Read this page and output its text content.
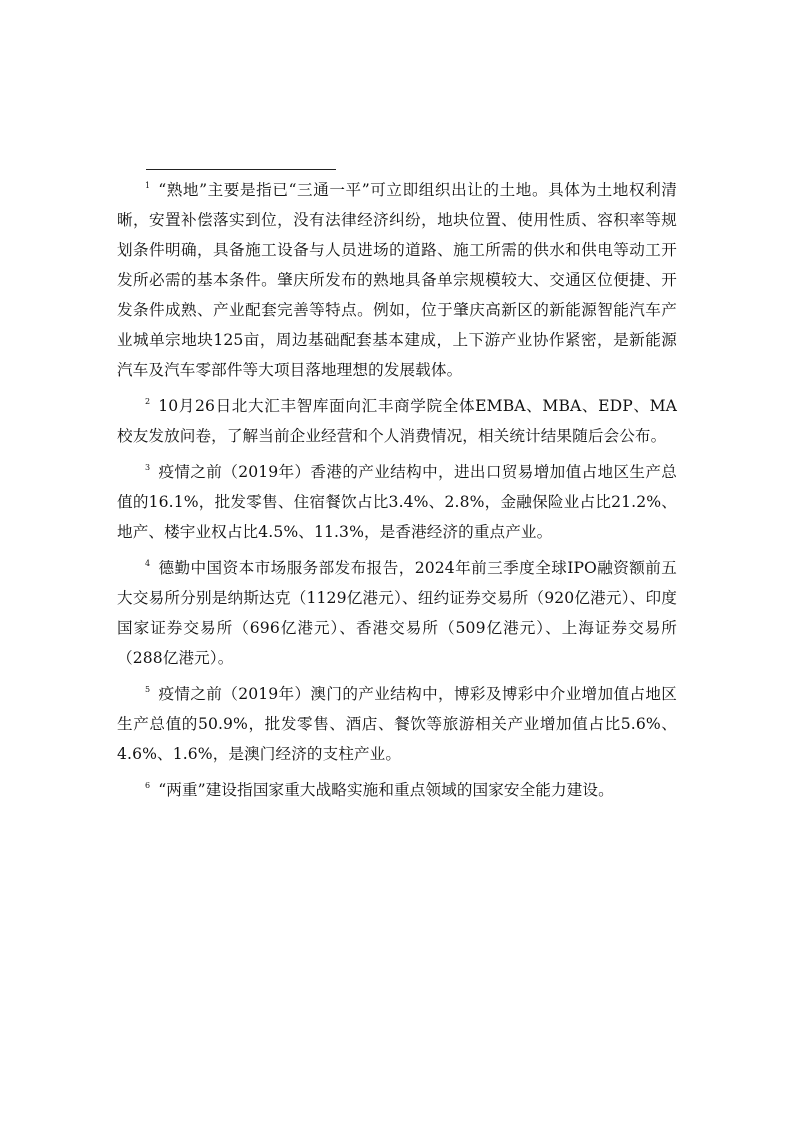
$^1$ “熟地”主要是指已“三通一平”可立即组织出让的土地。具体为土地权利清晰，安置补偿落实到位，没有法律经济纠纷，地块位置、使用性质、容积率等规划条件明确，具备施工设备与人员进场的道路、施工所需的供水和供电等动工开发所必需的基本条件。肇庆所发布的熟地具备单宗规模较大、交通区位便捷、开发条件成熟、产业配套完善等特点。例如，位于肇庆高新区的新能源智能汽车产业城单宗地块125亩，周边基础配套基本建成，上下游产业协作紧密，是新能源汽车及汽车零部件等大项目落地理想的发展载体。

$^2$ 10月26日北大汇丰智库面向汇丰商学院全体EMBA、MBA、EDP、MA校友发放问卷，了解当前企业经营和个人消费情况，相关统计结果随后会公布。

$^3$ 疫情之前（2019年）香港的产业结构中，进出口贸易增加值占地区生产总值的16.1%，批发零售、住宿餐饮占比3.4%、2.8%，金融保险业占比21.2%、地产、楼宇业权占比4.5%、11.3%，是香港经济的重点产业。

$^4$ 德勤中国资本市场服务部发布报告，2024年前三季度全球IPO融资额前五大交易所分别是纳斯达克（1129亿港元）、纽约证券交易所（920亿港元）、印度国家证券交易所（696亿港元）、香港交易所（509亿港元）、上海证券交易所（288亿港元）。

$^5$ 疫情之前（2019年）澳门的产业结构中，博彩及博彩中介业增加值占地区生产总值的50.9%，批发零售、酒店、餐饮等旅游相关产业增加值占比5.6%、4.6%、1.6%，是澳门经济的支柱产业。

$^6$ “两重”建设指国家重大战略实施和重点领域的国家安全能力建设。
